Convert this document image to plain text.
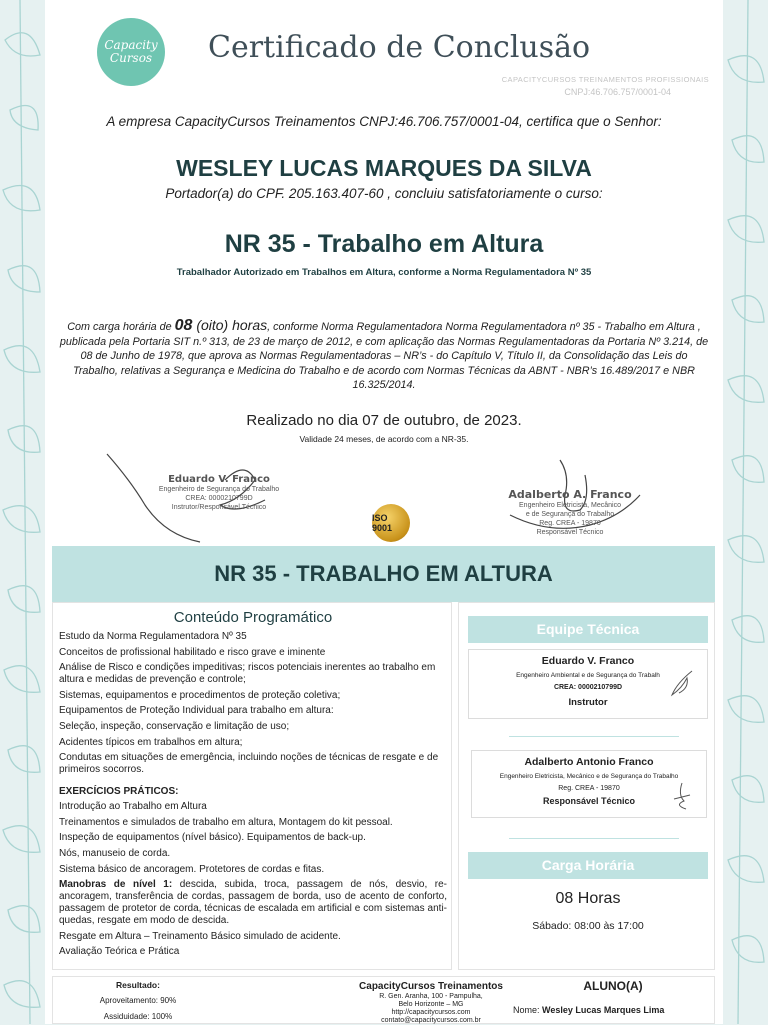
Capacity
Cursos Certificado de Conclusão
CAPACITYCURSOS TREINAMENTOS PROFISSIONAIS
CNPJ:46.706.757/0001-04
A empresa CapacityCursos Treinamentos CNPJ:46.706.757/0001-04, certifica que o Senhor:
WESLEY LUCAS MARQUES DA SILVA
Portador(a) do CPF. 205.163.407-60 , concluiu satisfatoriamente o curso:
NR 35 - Trabalho em Altura
Trabalhador Autorizado em Trabalhos em Altura, conforme a Norma Regulamentadora Nº 35
Com carga horária de 08 (oito) horas, conforme Norma Regulamentadora Norma Regulamentadora nº 35 - Trabalho em Altura , publicada pela Portaria SIT n.º 313, de 23 de março de 2012, e com aplicação das Normas Regulamentadoras da Portaria Nº 3.214, de 08 de Junho de 1978, que aprova as Normas Regulamentadoras – NR’s - do Capítulo V, Título II, da Consolidação das Leis do Trabalho, relativas a Segurança e Medicina do Trabalho e de acordo com Normas Técnicas da ABNT - NBR’s 16.489/2017 e NBR 16.325/2014.
Realizado no dia 07 de outubro, de 2023.
Validade 24 meses, de acordo com a NR-35.
Eduardo V. Franco
Engenheiro de Segurança do Trabalho
CREA: 0000210799D
Instrutor/Responsável Técnico
ISO 9001
Adalberto A. Franco
Engenheiro Eletricista, Mecânico
e de Segurança do Trabalho
Reg. CREA - 19870
Responsável Técnico
NR 35 - TRABALHO EM ALTURA
Conteúdo Programático
Estudo da Norma Regulamentadora Nº 35
Conceitos de profissional habilitado e risco grave e iminente
Análise de Risco e condições impeditivas; riscos potenciais inerentes ao trabalho em altura e medidas de prevenção e controle;
Sistemas, equipamentos e procedimentos de proteção coletiva;
Equipamentos de Proteção Individual para trabalho em altura:
Seleção, inspeção, conservação e limitação de uso;
Acidentes típicos em trabalhos em altura;
Condutas em situações de emergência, incluindo noções de técnicas de resgate e de primeiros socorros.
EXERCÍCIOS PRÁTICOS:
Introdução ao Trabalho em Altura
Treinamentos e simulados de trabalho em altura, Montagem do kit pessoal.
Inspeção de equipamentos (nível básico). Equipamentos de back-up.
Nós, manuseio de corda.
Sistema básico de ancoragem. Protetores de cordas e fitas.
Manobras de nível 1: descida, subida, troca, passagem de nós, desvio, re-ancoragem, transferência de cordas, passagem de borda, uso de acento de conforto, passagem de protetor de corda, técnicas de escalada em artificial e com sistemas anti-quedas, resgate em modo de descida.
Resgate em Altura – Treinamento Básico simulado de acidente.
Avaliação Teórica e Prática
Equipe Técnica
Eduardo V. Franco
Engenheiro Ambiental e de Segurança do Trabalh
CREA: 0000210799D
Instrutor
Adalberto Antonio Franco
Engenheiro Eletricista, Mecânico e de Segurança do Trabalho
Reg. CREA - 19870
Responsável Técnico
Carga Horária
08 Horas
Sábado: 08:00 às 17:00
Resultado:
Aproveitamento: 90%
Assiduidade: 100%
CapacityCursos Treinamentos
R. Gen. Aranha, 100 - Pampulha,
Belo Horizonte – MG
http://capacitycursos.com
contato@capacitycursos.com.br
ALUNO(A)
Nome: Wesley Lucas Marques Lima
